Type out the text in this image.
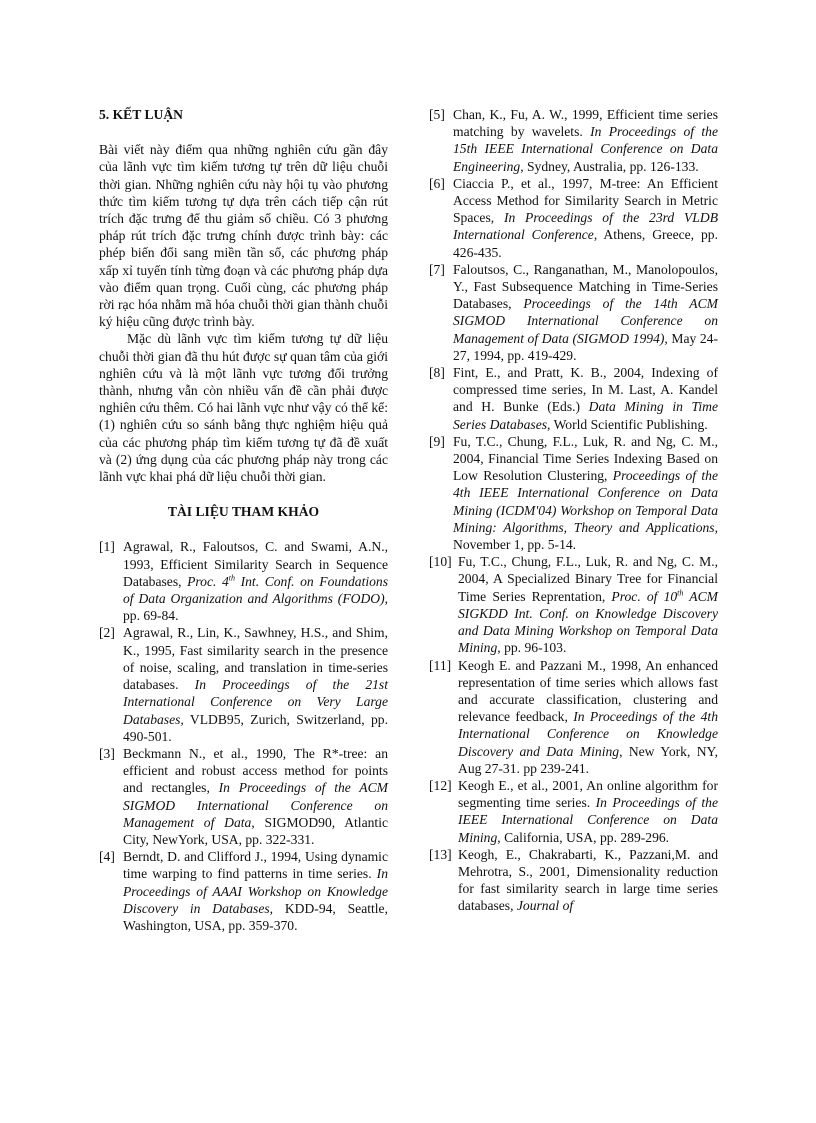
5. KẾT LUẬN

Bài viết này điểm qua những nghiên cứu gần đây của lãnh vực tìm kiếm tương tự trên dữ liệu chuỗi thời gian. Những nghiên cứu này hội tụ vào phương thức tìm kiếm tương tự dựa trên cách tiếp cận rút trích đặc trưng để thu giảm số chiều. Có 3 phương pháp rút trích đặc trưng chính được trình bày: các phép biến đổi sang miền tần số, các phương pháp xấp xỉ tuyến tính từng đoạn và các phương pháp dựa vào điểm quan trọng. Cuối cùng, các phương pháp rời rạc hóa nhằm mã hóa chuỗi thời gian thành chuỗi ký hiệu cũng được trình bày.

Mặc dù lãnh vực tìm kiếm tương tự dữ liệu chuỗi thời gian đã thu hút được sự quan tâm của giới nghiên cứu và là một lãnh vực tương đối trưởng thành, nhưng vẫn còn nhiều vấn đề cần phải được nghiên cứu thêm. Có hai lãnh vực như vậy có thể kể: (1) nghiên cứu so sánh bằng thực nghiệm hiệu quả của các phương pháp tìm kiếm tương tự đã đề xuất và (2) ứng dụng của các phương pháp này trong các lãnh vực khai phá dữ liệu chuỗi thời gian.

TÀI LIỆU THAM KHẢO

[1] Agrawal, R., Faloutsos, C. and Swami, A.N., 1993, Efficient Similarity Search in Sequence Databases, Proc. 4th Int. Conf. on Foundations of Data Organization and Algorithms (FODO), pp. 69-84.
[2] Agrawal, R., Lin, K., Sawhney, H.S., and Shim, K., 1995, Fast similarity search in the presence of noise, scaling, and translation in time-series databases. In Proceedings of the 21st International Conference on Very Large Databases, VLDB95, Zurich, Switzerland, pp. 490-501.
[3] Beckmann N., et al., 1990, The R*-tree: an efficient and robust access method for points and rectangles, In Proceedings of the ACM SIGMOD International Conference on Management of Data, SIGMOD90, Atlantic City, NewYork, USA, pp. 322-331.
[4] Berndt, D. and Clifford J., 1994, Using dynamic time warping to find patterns in time series. In Proceedings of AAAI Workshop on Knowledge Discovery in Databases, KDD-94, Seattle, Washington, USA, pp. 359-370.
[5] Chan, K., Fu, A. W., 1999, Efficient time series matching by wavelets. In Proceedings of the 15th IEEE International Conference on Data Engineering, Sydney, Australia, pp. 126-133.
[6] Ciaccia P., et al., 1997, M-tree: An Efficient Access Method for Similarity Search in Metric Spaces, In Proceedings of the 23rd VLDB International Conference, Athens, Greece, pp. 426-435.
[7] Faloutsos, C., Ranganathan, M., Manolopoulos, Y., Fast Subsequence Matching in Time-Series Databases, Proceedings of the 14th ACM SIGMOD International Conference on Management of Data (SIGMOD 1994), May 24-27, 1994, pp. 419-429.
[8] Fint, E., and Pratt, K. B., 2004, Indexing of compressed time series, In M. Last, A. Kandel and H. Bunke (Eds.) Data Mining in Time Series Databases, World Scientific Publishing.
[9] Fu, T.C., Chung, F.L., Luk, R. and Ng, C. M., 2004, Financial Time Series Indexing Based on Low Resolution Clustering, Proceedings of the 4th IEEE International Conference on Data Mining (ICDM'04) Workshop on Temporal Data Mining: Algorithms, Theory and Applications, November 1, pp. 5-14.
[10] Fu, T.C., Chung, F.L., Luk, R. and Ng, C. M., 2004, A Specialized Binary Tree for Financial Time Series Reprentation, Proc. of 10th ACM SIGKDD Int. Conf. on Knowledge Discovery and Data Mining Workshop on Temporal Data Mining, pp. 96-103.
[11] Keogh E. and Pazzani M., 1998, An enhanced representation of time series which allows fast and accurate classification, clustering and relevance feedback, In Proceedings of the 4th International Conference on Knowledge Discovery and Data Mining, New York, NY, Aug 27-31. pp 239-241.
[12] Keogh E., et al., 2001, An online algorithm for segmenting time series. In Proceedings of the IEEE International Conference on Data Mining, California, USA, pp. 289-296.
[13] Keogh, E., Chakrabarti, K., Pazzani,M. and Mehrotra, S., 2001, Dimensionality reduction for fast similarity search in large time series databases, Journal of
